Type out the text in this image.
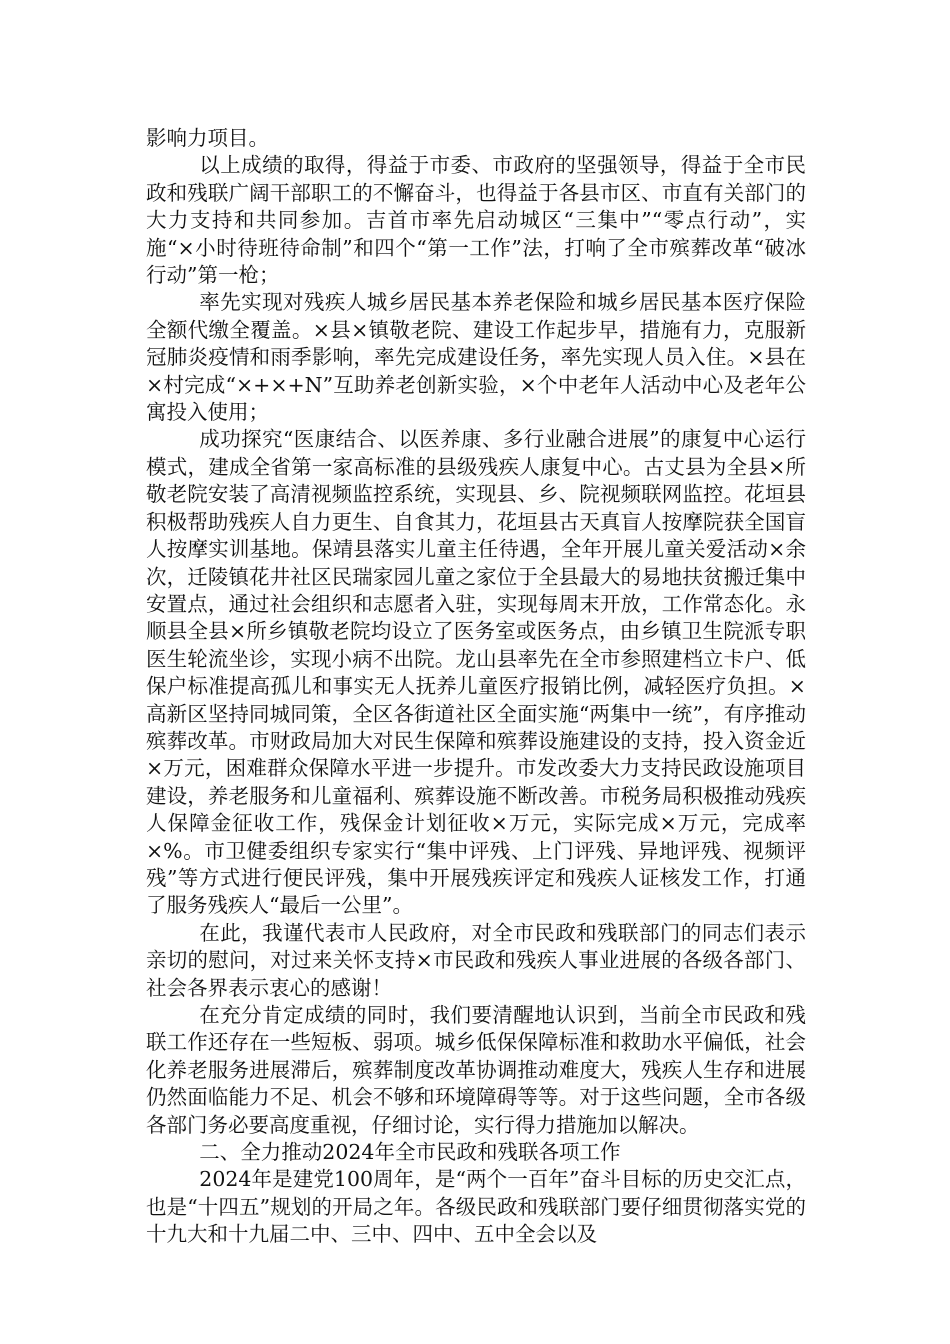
影响力项目。

以上成绩的取得，得益于市委、市政府的坚强领导，得益于全市民政和残联广阔干部职工的不懈奋斗，也得益于各县市区、市直有关部门的大力支持和共同参加。吉首市率先启动城区“三集中”“零点行动”，实施“×小时待班待命制”和四个“第一工作”法，打响了全市殡葬改革“破冰行动”第一枪；

率先实现对残疾人城乡居民基本养老保险和城乡居民基本医疗保险全额代缴全覆盖。×县×镇敬老院、建设工作起步早，措施有力，克服新冠肺炎疫情和雨季影响，率先完成建设任务，率先实现人员入住。×县在×村完成“×+×+N”互助养老创新实验，×个中老年人活动中心及老年公寓投入使用；

成功探究“医康结合、以医养康、多行业融合进展”的康复中心运行模式，建成全省第一家高标准的县级残疾人康复中心。古丈县为全县×所敬老院安装了高清视频监控系统，实现县、乡、院视频联网监控。花垣县积极帮助残疾人自力更生、自食其力，花垣县古天真盲人按摩院获全国盲人按摩实训基地。保靖县落实儿童主任待遇，全年开展儿童关爱活动×余次，迁陵镇花井社区民瑞家园儿童之家位于全县最大的易地扶贫搬迁集中安置点，通过社会组织和志愿者入驻，实现每周末开放，工作常态化。永顺县全县×所乡镇敬老院均设立了医务室或医务点，由乡镇卫生院派专职医生轮流坐诊，实现小病不出院。龙山县率先在全市参照建档立卡户、低保户标准提高孤儿和事实无人抚养儿童医疗报销比例，减轻医疗负担。×高新区坚持同城同策，全区各街道社区全面实施“两集中一统”，有序推动殡葬改革。市财政局加大对民生保障和殡葬设施建设的支持，投入资金近×万元，困难群众保障水平进一步提升。市发改委大力支持民政设施项目建设，养老服务和儿童福利、殡葬设施不断改善。市税务局积极推动残疾人保障金征收工作，残保金计划征收×万元，实际完成×万元，完成率×%。市卫健委组织专家实行“集中评残、上门评残、异地评残、视频评残”等方式进行便民评残，集中开展残疾评定和残疾人证核发工作，打通了服务残疾人“最后一公里”。

在此，我谨代表市人民政府，对全市民政和残联部门的同志们表示亲切的慰问，对过来关怀支持×市民政和残疾人事业进展的各级各部门、社会各界表示衷心的感谢！

在充分肯定成绩的同时，我们要清醒地认识到，当前全市民政和残联工作还存在一些短板、弱项。城乡低保保障标准和救助水平偏低，社会化养老服务进展滞后，殡葬制度改革协调推动难度大，残疾人生存和进展仍然面临能力不足、机会不够和环境障碍等等。对于这些问题，全市各级各部门务必要高度重视，仔细讨论，实行得力措施加以解决。

二、全力推动2024年全市民政和残联各项工作

2024年是建党100周年，是“两个一百年”奋斗目标的历史交汇点，也是“十四五”规划的开局之年。各级民政和残联部门要仔细贯彻落实党的十九大和十九届二中、三中、四中、五中全会以及
